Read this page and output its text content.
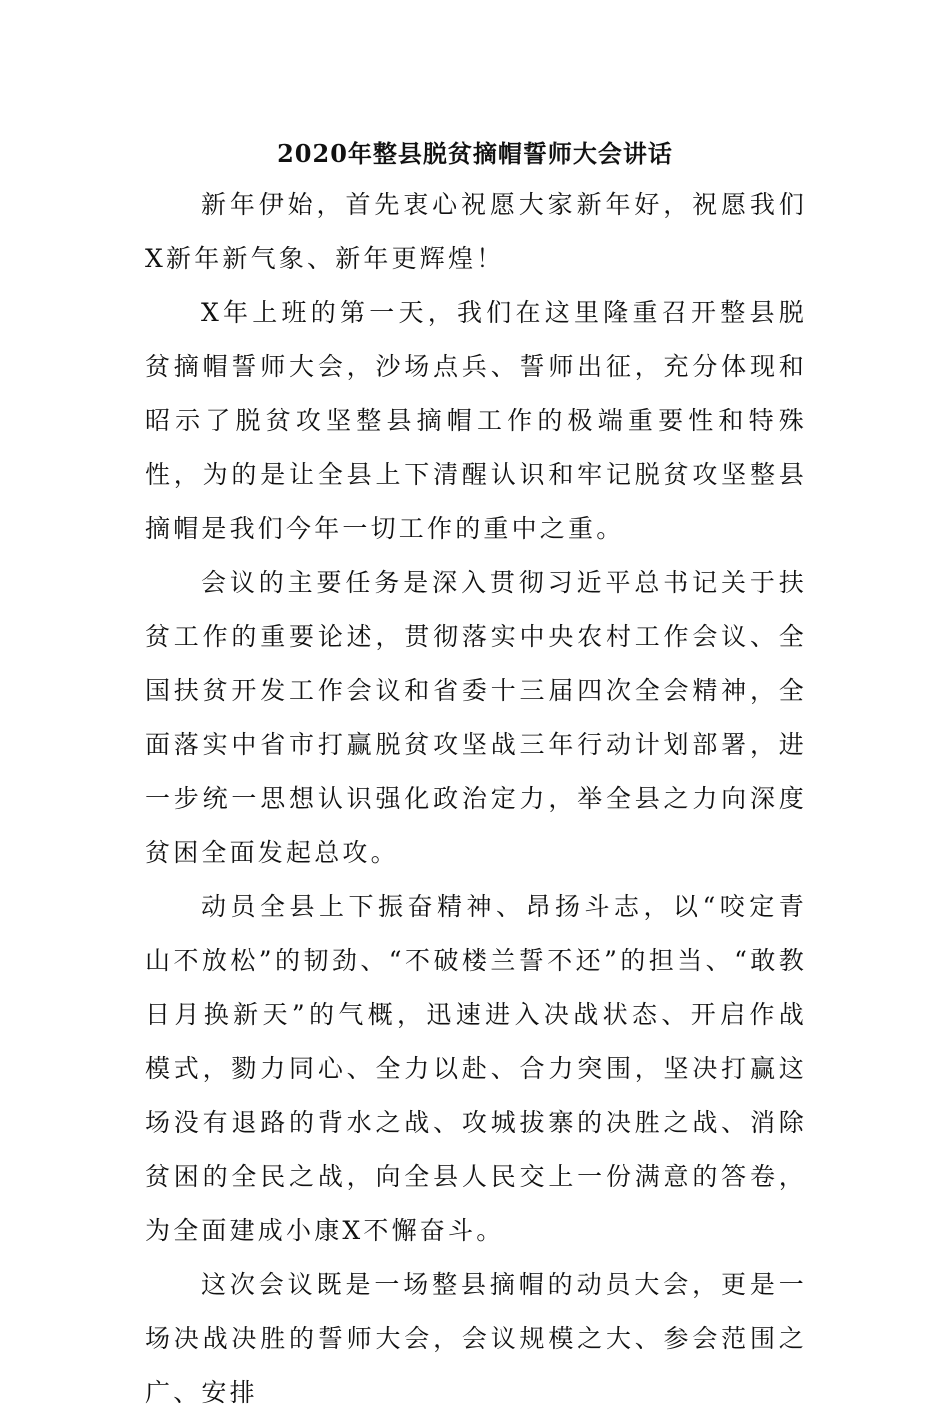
2020年整县脱贫摘帽誓师大会讲话

新年伊始，首先衷心祝愿大家新年好，祝愿我们X新年新气象、新年更辉煌！

X年上班的第一天，我们在这里隆重召开整县脱贫摘帽誓师大会，沙场点兵、誓师出征，充分体现和昭示了脱贫攻坚整县摘帽工作的极端重要性和特殊性，为的是让全县上下清醒认识和牢记脱贫攻坚整县摘帽是我们今年一切工作的重中之重。

会议的主要任务是深入贯彻习近平总书记关于扶贫工作的重要论述，贯彻落实中央农村工作会议、全国扶贫开发工作会议和省委十三届四次全会精神，全面落实中省市打赢脱贫攻坚战三年行动计划部署，进一步统一思想认识强化政治定力，举全县之力向深度贫困全面发起总攻。

动员全县上下振奋精神、昂扬斗志，以“咬定青山不放松”的韧劲、“不破楼兰誓不还”的担当、“敢教日月换新天”的气概，迅速进入决战状态、开启作战模式，勠力同心、全力以赴、合力突围，坚决打赢这场没有退路的背水之战、攻城拔寨的决胜之战、消除贫困的全民之战，向全县人民交上一份满意的答卷，为全面建成小康X不懈奋斗。

这次会议既是一场整县摘帽的动员大会，更是一场决战决胜的誓师大会，会议规模之大、参会范围之广、安排
